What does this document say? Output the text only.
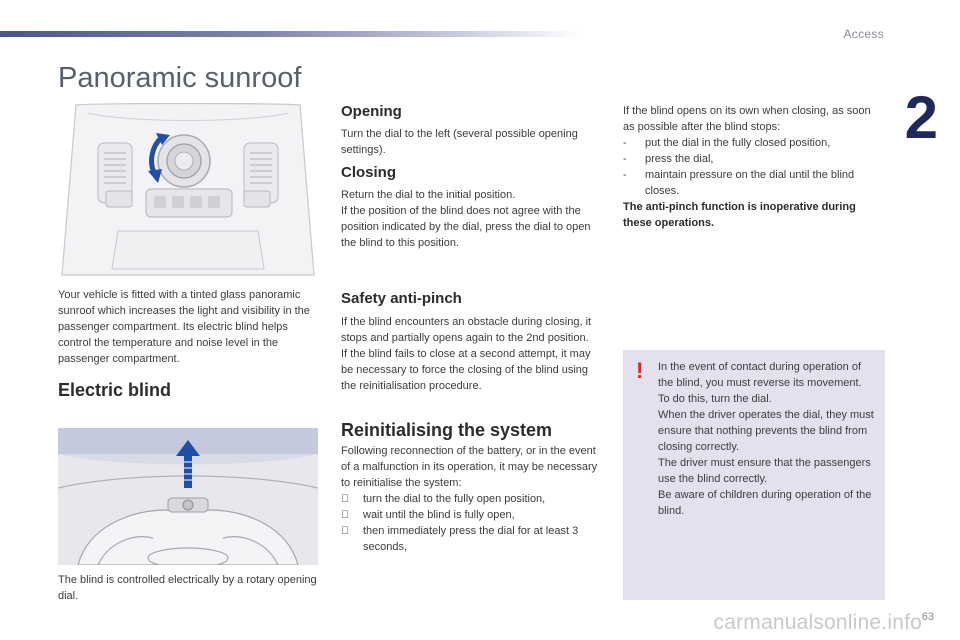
Access
2
Panoramic sunroof
Your vehicle is fitted with a tinted glass panoramic sunroof which increases the light and visibility in the passenger compartment. Its electric blind helps control the temperature and noise level in the passenger compartment.
Electric blind
The blind is controlled electrically by a rotary opening dial.
Opening
Turn the dial to the left (several possible opening settings).
Closing
Return the dial to the initial position.
If the position of the blind does not agree with the position indicated by the dial, press the dial to open the blind to this position.
Safety anti-pinch
If the blind encounters an obstacle during closing, it stops and partially opens again to the 2nd position.
If the blind fails to close at a second attempt, it may be necessary to force the closing of the blind using the reinitialisation procedure.
Reinitialising the system
Following reconnection of the battery, or in the event of a malfunction in its operation, it may be necessary to reinitialise the system:
turn the dial to the fully open position,
wait until the blind is fully open,
then immediately press the dial for at least 3 seconds,
If the blind opens on its own when closing, as soon as possible after the blind stops:
-	put the dial in the fully closed position,
-	press the dial,
-	maintain pressure on the dial until the blind closes.
The anti-pinch function is inoperative during these operations.
! In the event of contact during operation of the blind, you must reverse its movement. To do this, turn the dial.
When the driver operates the dial, they must ensure that nothing prevents the blind from closing correctly.
The driver must ensure that the passengers use the blind correctly.
Be aware of children during operation of the blind.
carmanualsonline.info 63
